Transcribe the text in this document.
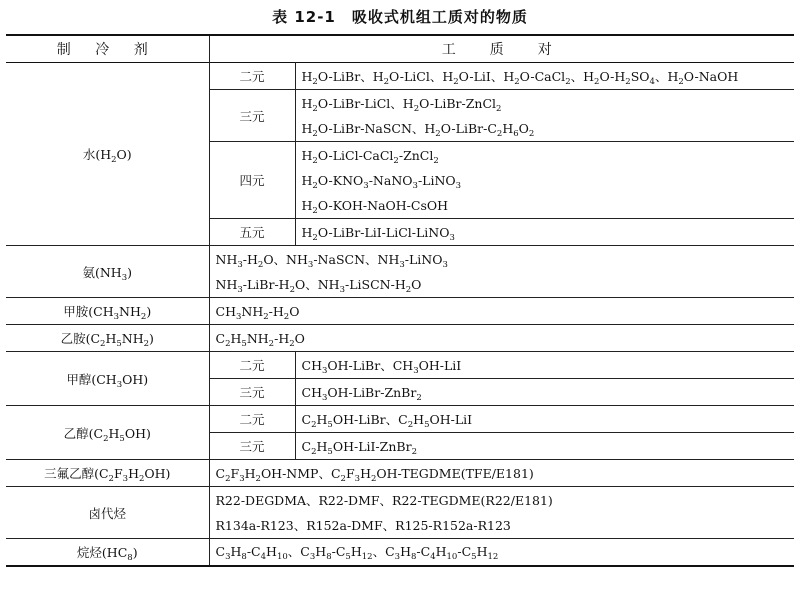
表 12-1　吸收式机组工质对的物质
制 冷 剂	工　质　对	
水$(H_2O)$	二元	$H_2O$-LiBr、$H_2O$-LiCl、$H_2O$-LiI、$H_2O-CaCl_2$、$H_2O-H_2SO_4$、$H_2O$-NaOH

	三元	$H_2O-LiBr$-LiCl、$H_2O-LiBr-ZnCl_2$
$H_2O-LiBr$-NaSCN、$H_2O-LiBr-C_2H_6O_2$

	四元	$H_2O-LiCl-CaCl_2-ZnCl_2$
$H_2O-KNO_3-NaNO_3-LiNO_3$
$H_2O-KOH-NaOH$-CsOH

	五元	$H_2O-LiBr-LiI-LiCl-LiNO_3$

氨$(NH_3)$	$NH_3-H_2O$、$NH_3$-NaSCN、$NH_3-LiNO_3$
$NH_3-LiBr-H_2O$、$NH_3-LiSCN-H_2O$	

甲胺$(CH_3NH_2)$	$CH_3NH_2-H_2O$	

乙胺$(C_2H_5NH_2)$	$C_2H_5NH_2-H_2O$	

甲醇$(CH_3OH)$	二元	$CH_3OH$-LiBr、$CH_3OH$-LiI

	三元	$CH_3OH-LiBr-ZnBr_2$

乙醇$(C_2H_5OH)$	二元	$C_2H_5OH$-LiBr、$C_2H_5OH$-LiI

	三元	$C_2H_5OH-LiI-ZnBr_2$

三氟乙醇$(C_2F_3H_2OH)$	$C_2F_3H_2OH$-NMP、$C_2F_3H_2OH-TEGDME(TFE/E181)$	

卤代烃	R22-DEGDMA、R22-DMF、R22-TEGDME(R22/E181)
R134a-R123、R152a-DMF、R125-R152a-R123	

烷烃$(HC_8)$	$C_3H_8-C_4H_{10}$、$C_3H_8-C_5H_{12}$、$C_3H_8-C_4H_{10}-C_5H_{12}$
